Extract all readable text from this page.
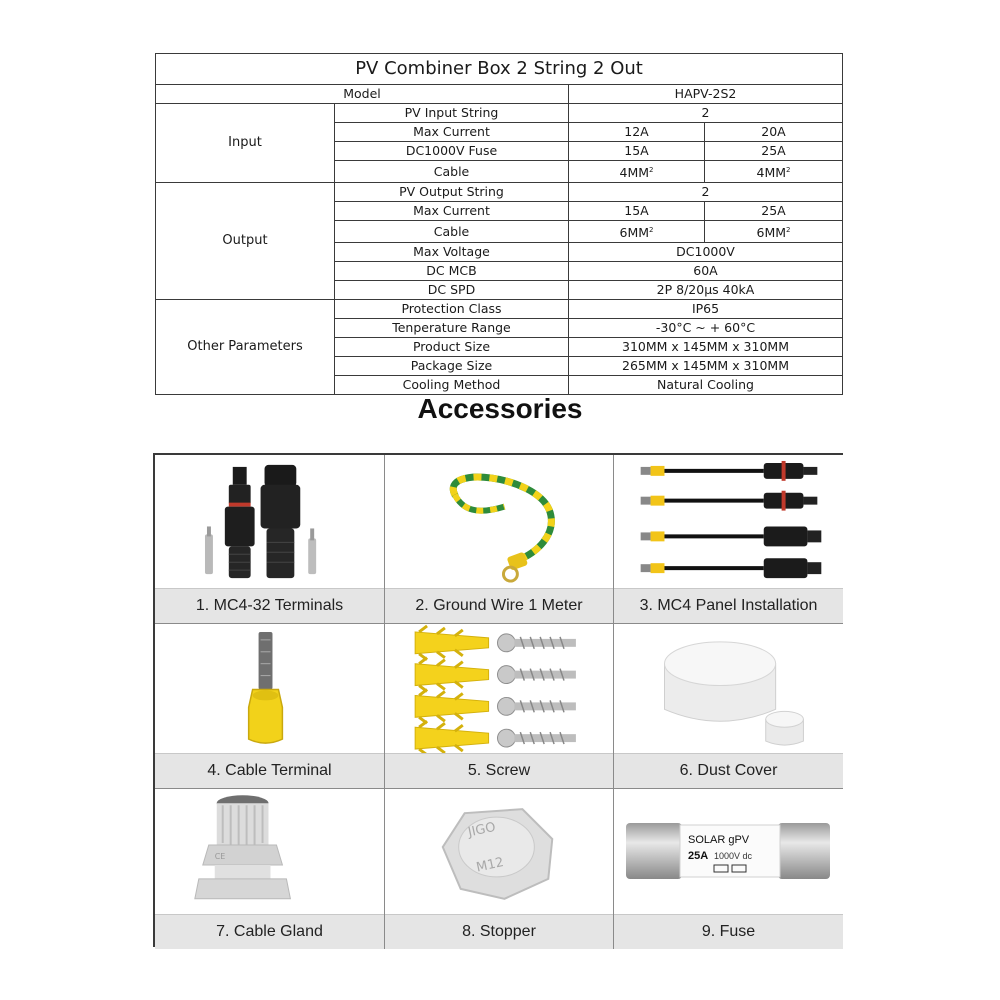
PV Combiner Box 2 String 2 Out			
Model		HAPV-2S2	
Input	PV Input String	2	
	Max Current	12A	20A
	DC1000V Fuse	15A	25A
	Cable	$4MM^2$	$4MM^2$
Output	PV Output String	2	
	Max Current	15A	25A
	Cable	$6MM^2$	$6MM^2$
	Max Voltage	DC1000V	
	DC MCB	60A	
	DC SPD	2P 8/20μs 40kA	
Other Parameters	Protection Class	IP65	
	Tenperature Range	-30°C ~ + 60°C	
	Product Size	310MM x 145MM x 310MM	
	Package Size	265MM x 145MM x 310MM	
	Cooling Method	Natural Cooling	
Accessories
1. MC4-32 Terminals	2. Ground Wire 1 Meter	3. MC4 Panel Installation
4. Cable Terminal	5. Screw	6. Dust Cover
CE
7. Cable Gland
JIGO
M12
8. Stopper
SOLAR gPV
25A 1000V dc
9. Fuse
